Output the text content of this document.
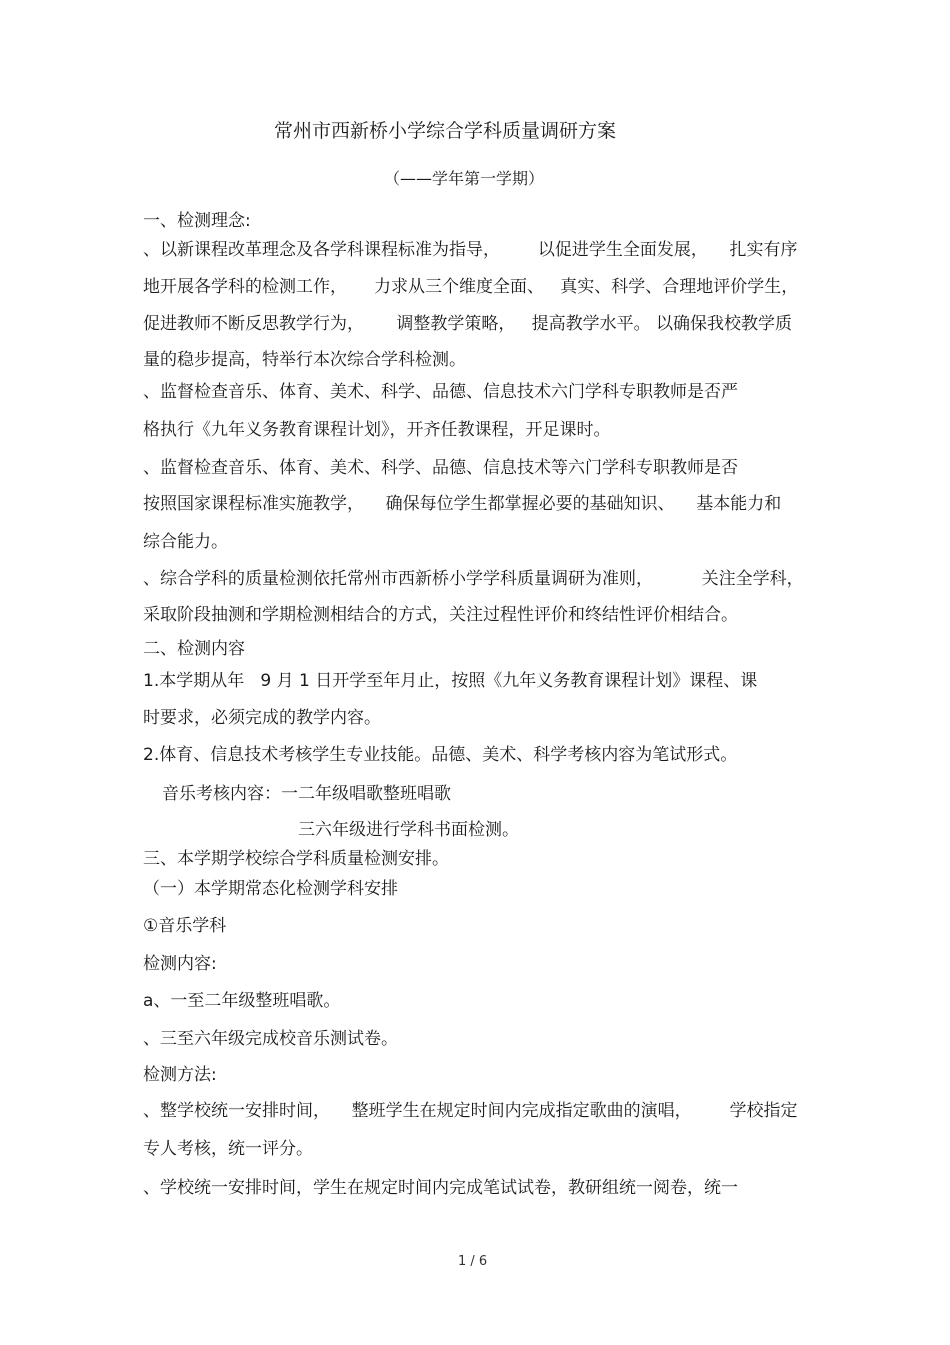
常州市西新桥小学综合学科质量调研方案

（——学年第一学期）

一、检测理念:

、以新课程改革理念及各学科课程标准为指导，       以促进学生全面发展，    扎实有序

地开展各学科的检测工作，     力求从三个维度全面、   真实、科学、合理地评价学生，

促进教师不断反思教学行为，      调整教学策略，   提高教学水平。 以确保我校教学质

量的稳步提高，特举行本次综合学科检测。

、监督检查音乐、体育、美术、科学、品德、信息技术六门学科专职教师是否严

格执行《九年义务教育课程计划》，开齐任教课程，开足课时。

、监督检查音乐、体育、美术、科学、品德、信息技术等六门学科专职教师是否

按照国家课程标准实施教学，    确保每位学生都掌握必要的基础知识、    基本能力和

综合能力。

、综合学科的质量检测依托常州市西新桥小学学科质量调研为准则，         关注全学科，

采取阶段抽测和学期检测相结合的方式，关注过程性评价和终结性评价相结合。

二、检测内容

1.本学期从年   9 月 1 日开学至年月止，按照《九年义务教育课程计划》课程、课

时要求，必须完成的教学内容。

2.体育、信息技术考核学生专业技能。品德、美术、科学考核内容为笔试形式。

音乐考核内容：一二年级唱歌整班唱歌

三六年级进行学科书面检测。

三、本学期学校综合学科质量检测安排。

（一）本学期常态化检测学科安排

①音乐学科

检测内容:

a、一至二年级整班唱歌。

、三至六年级完成校音乐测试卷。

检测方法:

、整学校统一安排时间，    整班学生在规定时间内完成指定歌曲的演唱，       学校指定

专人考核，统一评分。

、学校统一安排时间，学生在规定时间内完成笔试试卷，教研组统一阅卷，统一

1 / 6
